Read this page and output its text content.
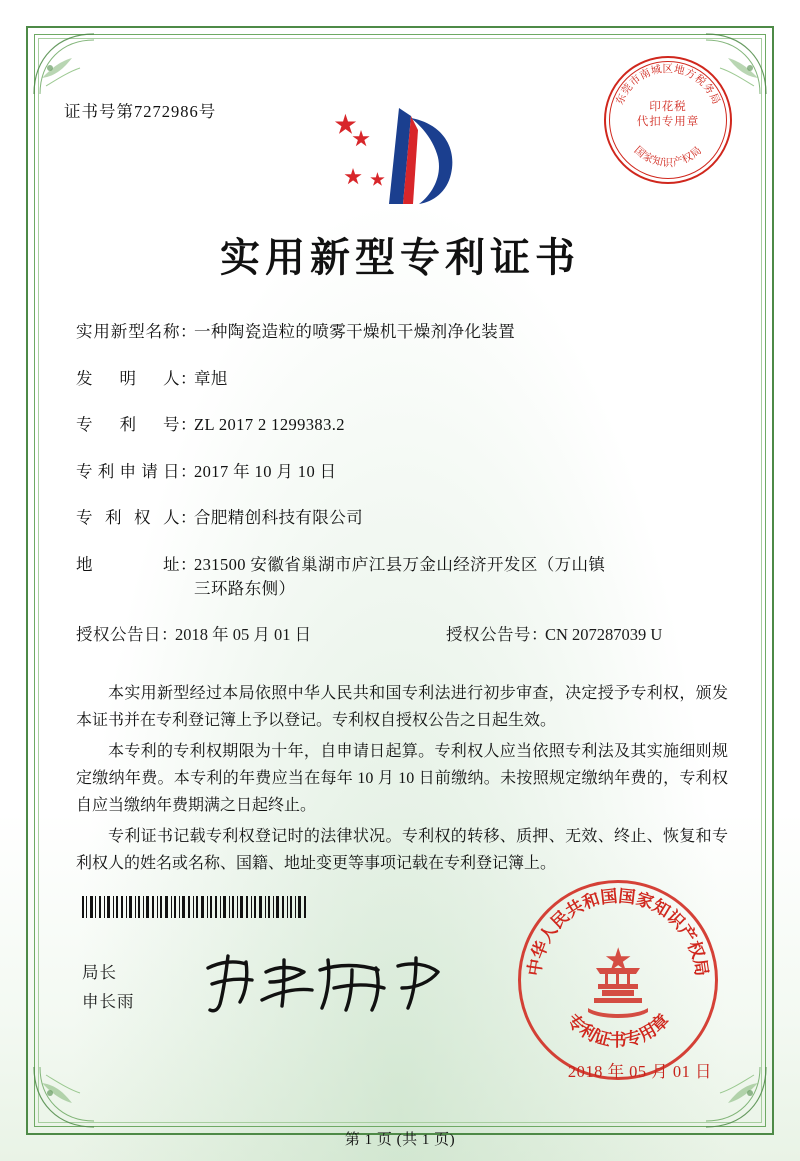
证书号第7272986号
东莞市南城区地方税务局
国家知识产权局
印花税
代扣专用章
实用新型专利证书
实用新型名称 ：
一种陶瓷造粒的喷雾干燥机干燥剂净化装置
发明人 ：
章旭
专利号 ：
ZL 2017 2 1299383.2
专利申请日 ：
2017 年 10 月 10 日
专利权人 ：
合肥精创科技有限公司
地址 ：
231500 安徽省巢湖市庐江县万金山经济开发区（万山镇
三环路东侧）
授权公告日 ：
2018 年 05 月 01 日	授权公告号 ：
CN 207287039 U

本实用新型经过本局依照中华人民共和国专利法进行初步审查，决定授予专利权，颁发本证书并在专利登记簿上予以登记。专利权自授权公告之日起生效。

本专利的专利权期限为十年，自申请日起算。专利权人应当依照专利法及其实施细则规定缴纳年费。本专利的年费应当在每年 10 月 10 日前缴纳。未按照规定缴纳年费的，专利权自应当缴纳年费期满之日起终止。

专利证书记载专利权登记时的法律状况。专利权的转移、质押、无效、终止、恢复和专利权人的姓名或名称、国籍、地址变更等事项记载在专利登记簿上。

局长
申长雨
中华人民共和国国家知识产权局
专利证书专用章
2018 年 05 月 01 日
第 1 页 (共 1 页)
